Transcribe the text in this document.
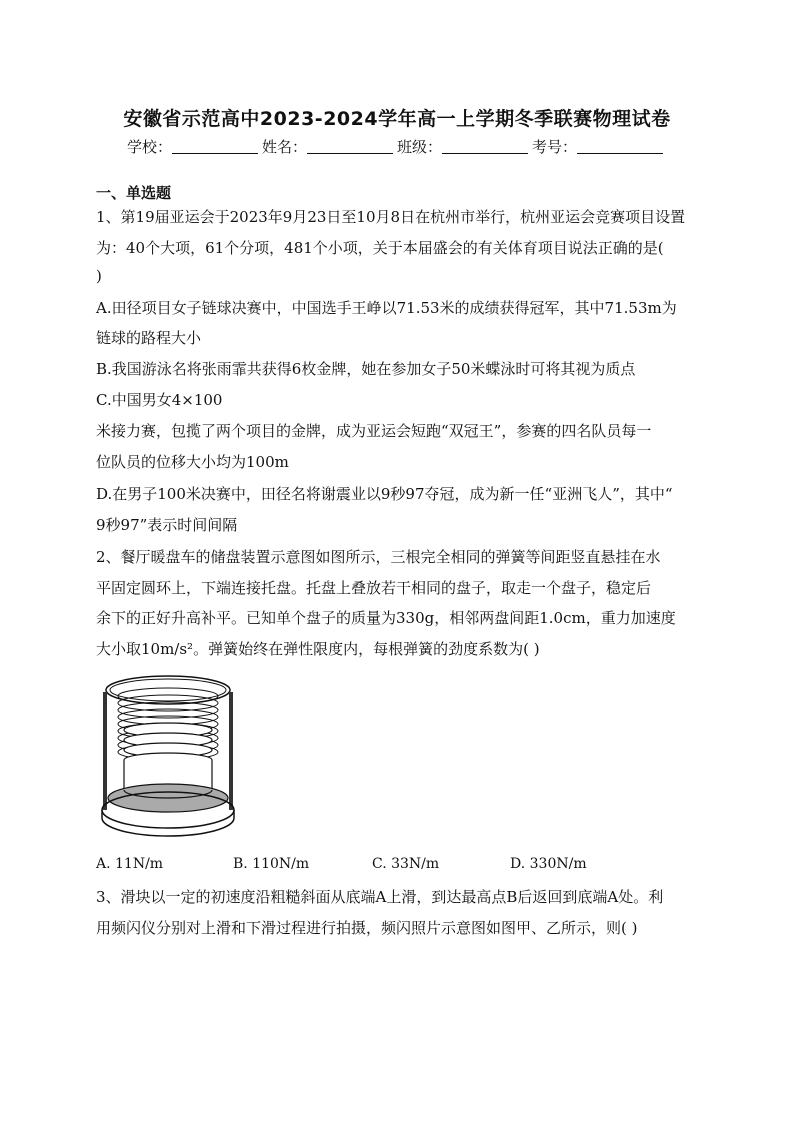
安徽省示范高中2023-2024学年高一上学期冬季联赛物理试卷
学校：	姓名：	班级：	考号：
一、单选题
1、第19届亚运会于2023年9月23日至10月8日在杭州市举行，杭州亚运会竞赛项目设置
为：40个大项，61个分项，481个小项，关于本届盛会的有关体育项目说法正确的是(
)
A.田径项目女子链球决赛中，中国选手王峥以71.53米的成绩获得冠军，其中71.53m为
链球的路程大小
B.我国游泳名将张雨霏共获得6枚金牌，她在参加女子50米蝶泳时可将其视为质点
C.中国男女4×100
米接力赛，包揽了两个项目的金牌，成为亚运会短跑“双冠王”，参赛的四名队员每一
位队员的位移大小均为100m
D.在男子100米决赛中，田径名将谢震业以9秒97夺冠，成为新一任“亚洲飞人”，其中“
9秒97”表示时间间隔
2、餐厅暖盘车的储盘装置示意图如图所示，三根完全相同的弹簧等间距竖直悬挂在水
平固定圆环上，下端连接托盘。托盘上叠放若干相同的盘子，取走一个盘子，稳定后
余下的正好升高补平。已知单个盘子的质量为330g，相邻两盘间距1.0cm，重力加速度
大小取10m/s²。弹簧始终在弹性限度内，每根弹簧的劲度系数为( )
A. 11N/m	B. 110N/m	C. 33N/m	D. 330N/m
3、滑块以一定的初速度沿粗糙斜面从底端A上滑，到达最高点B后返回到底端A处。利
用频闪仪分别对上滑和下滑过程进行拍摄，频闪照片示意图如图甲、乙所示，则( )
